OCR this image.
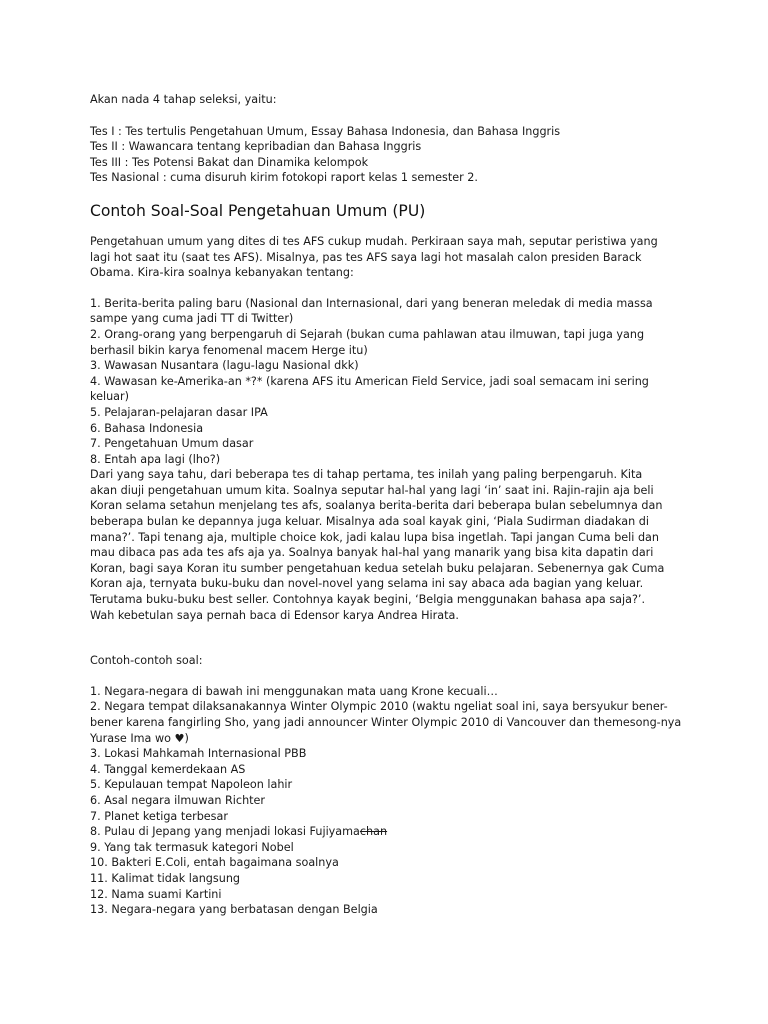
Akan nada 4 tahap seleksi, yaitu:
Tes I : Tes tertulis Pengetahuan Umum, Essay Bahasa Indonesia, dan Bahasa Inggris
Tes II : Wawancara tentang kepribadian dan Bahasa Inggris
Tes III : Tes Potensi Bakat dan Dinamika kelompok
Tes Nasional : cuma disuruh kirim fotokopi raport kelas 1 semester 2.
Contoh Soal-Soal Pengetahuan Umum (PU)

Pengetahuan umum yang dites di tes AFS cukup mudah. Perkiraan saya mah, seputar peristiwa yang lagi hot saat itu (saat tes AFS). Misalnya, pas tes AFS saya lagi hot masalah calon presiden Barack Obama. Kira-kira soalnya kebanyakan tentang:

1. Berita-berita paling baru (Nasional dan Internasional, dari yang beneran meledak di media massa sampe yang cuma jadi TT di Twitter)
2. Orang-orang yang berpengaruh di Sejarah (bukan cuma pahlawan atau ilmuwan, tapi juga yang berhasil bikin karya fenomenal macem Herge itu)
3. Wawasan Nusantara (lagu-lagu Nasional dkk)
4. Wawasan ke-Amerika-an *?* (karena AFS itu American Field Service, jadi soal semacam ini sering keluar)
5. Pelajaran-pelajaran dasar IPA
6. Bahasa Indonesia
7. Pengetahuan Umum dasar
8. Entah apa lagi (lho?)

Dari yang saya tahu, dari beberapa tes di tahap pertama, tes inilah yang paling berpengaruh. Kita akan diuji pengetahuan umum kita. Soalnya seputar hal-hal yang lagi ‘in’ saat ini. Rajin-rajin aja beli Koran selama setahun menjelang tes afs, soalanya berita-berita dari beberapa bulan sebelumnya dan beberapa bulan ke depannya juga keluar. Misalnya ada soal kayak gini, ‘Piala Sudirman diadakan di mana?’. Tapi tenang aja, multiple choice kok, jadi kalau lupa bisa ingetlah. Tapi jangan Cuma beli dan mau dibaca pas ada tes afs aja ya. Soalnya banyak hal-hal yang manarik yang bisa kita dapatin dari Koran, bagi saya Koran itu sumber pengetahuan kedua setelah buku pelajaran. Sebenernya gak Cuma Koran aja, ternyata buku-buku dan novel-novel yang selama ini say abaca ada bagian yang keluar. Terutama buku-buku best seller. Contohnya kayak begini, ‘Belgia menggunakan bahasa apa saja?’. Wah kebetulan saya pernah baca di Edensor karya Andrea Hirata.

Contoh-contoh soal:
1. Negara-negara di bawah ini menggunakan mata uang Krone kecuali…
2. Negara tempat dilaksanakannya Winter Olympic 2010 (waktu ngeliat soal ini, saya bersyukur bener-bener karena fangirling Sho, yang jadi announcer Winter Olympic 2010 di Vancouver dan themesong-nya Yurase Ima wo ♥)
3. Lokasi Mahkamah Internasional PBB
4. Tanggal kemerdekaan AS
5. Kepulauan tempat Napoleon lahir
6. Asal negara ilmuwan Richter
7. Planet ketiga terbesar
8. Pulau di Jepang yang menjadi lokasi Fujiyamachan
9. Yang tak termasuk kategori Nobel
10. Bakteri E.Coli, entah bagaimana soalnya
11. Kalimat tidak langsung
12. Nama suami Kartini
13. Negara-negara yang berbatasan dengan Belgia
